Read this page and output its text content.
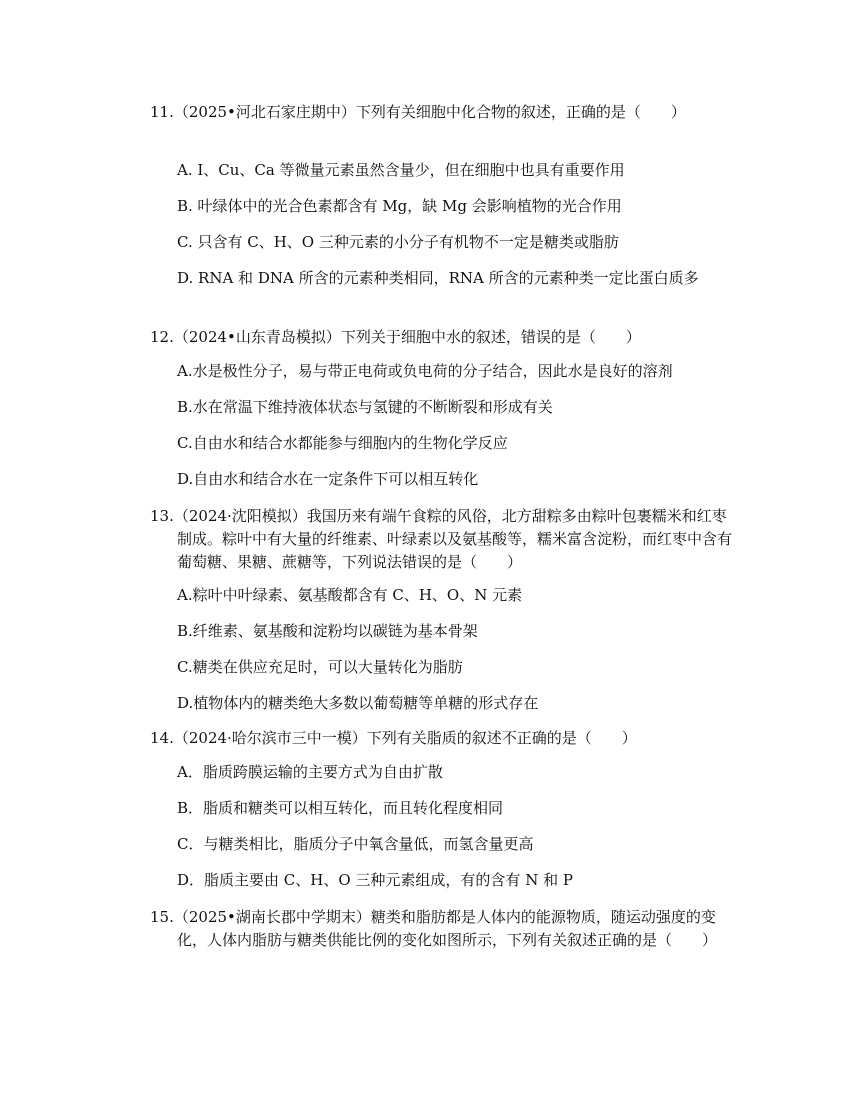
11.（2025•河北石家庄期中）下列有关细胞中化合物的叙述，正确的是（　　）

A. I、Cu、Ca 等微量元素虽然含量少，但在细胞中也具有重要作用

B. 叶绿体中的光合色素都含有 Mg，缺 Mg 会影响植物的光合作用

C. 只含有 C、H、O 三种元素的小分子有机物不一定是糖类或脂肪

D. RNA 和 DNA 所含的元素种类相同，RNA 所含的元素种类一定比蛋白质多

12.（2024•山东青岛模拟）下列关于细胞中水的叙述，错误的是（　　）

A.水是极性分子，易与带正电荷或负电荷的分子结合，因此水是良好的溶剂

B.水在常温下维持液体状态与氢键的不断断裂和形成有关

C.自由水和结合水都能参与细胞内的生物化学反应

D.自由水和结合水在一定条件下可以相互转化

13.（2024·沈阳模拟）我国历来有端午食粽的风俗，北方甜粽多由粽叶包裹糯米和红枣制成。粽叶中有大量的纤维素、叶绿素以及氨基酸等，糯米富含淀粉，而红枣中含有葡萄糖、果糖、蔗糖等，下列说法错误的是（　　）

A.粽叶中叶绿素、氨基酸都含有 C、H、O、N 元素

B.纤维素、氨基酸和淀粉均以碳链为基本骨架

C.糖类在供应充足时，可以大量转化为脂肪

D.植物体内的糖类绝大多数以葡萄糖等单糖的形式存在

14.（2024·哈尔滨市三中一模）下列有关脂质的叙述不正确的是（　　）

A．脂质跨膜运输的主要方式为自由扩散

B．脂质和糖类可以相互转化，而且转化程度相同

C．与糖类相比，脂质分子中氧含量低，而氢含量更高

D．脂质主要由 C、H、O 三种元素组成，有的含有 N 和 P

15.（2025•湖南长郡中学期末）糖类和脂肪都是人体内的能源物质，随运动强度的变化，人体内脂肪与糖类供能比例的变化如图所示，下列有关叙述正确的是（　　）
